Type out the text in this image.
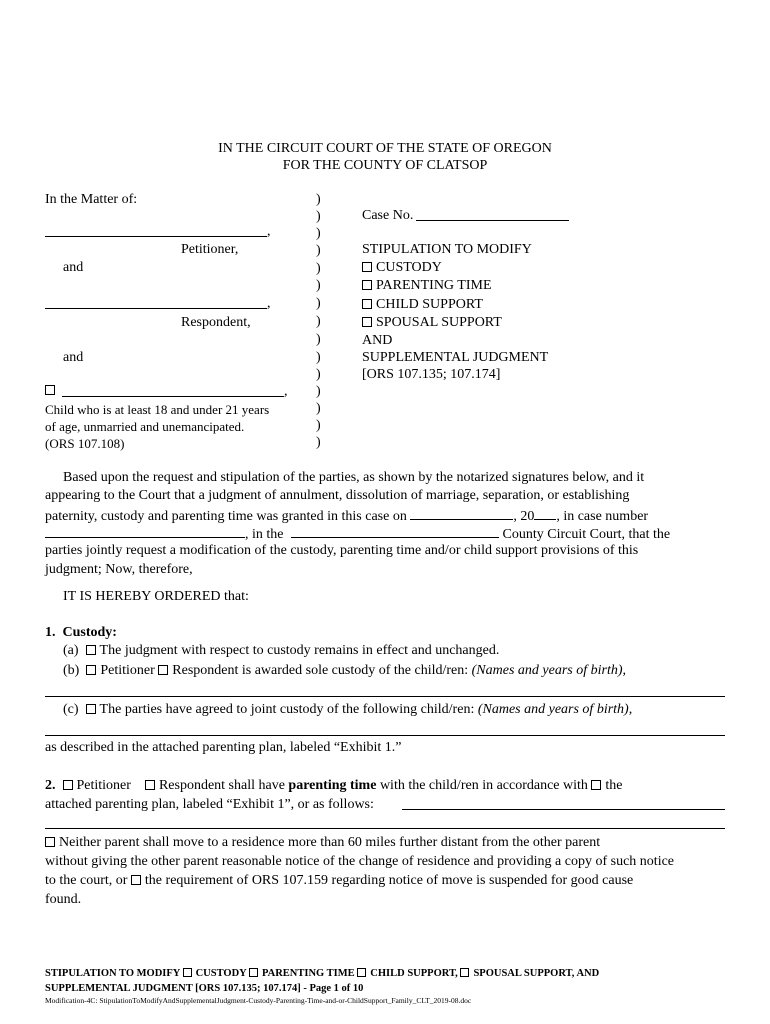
IN THE CIRCUIT COURT OF THE STATE OF OREGON
FOR THE COUNTY OF CLATSOP
In the Matter of:
,
Petitioner,
and
,
Respondent,
and
,
Child who is at least 18 and under 21 years
of age, unmarried and unemancipated.
(ORS 107.108)
)
)
)
)
)
)
)
)
)
)
)
)
)
)
)
Case No.
STIPULATION TO MODIFY
CUSTODY
PARENTING TIME
CHILD SUPPORT
SPOUSAL SUPPORT
AND
SUPPLEMENTAL JUDGMENT
[ORS 107.135; 107.174]
Based upon the request and stipulation of the parties, as shown by the notarized signatures below, and it
appearing to the Court that a judgment of annulment, dissolution of marriage, separation, or establishing
paternity, custody and parenting time was granted in this case on	, 20 , in case number
, in the	County Circuit Court, that the
parties jointly request a modification of the custody, parenting time and/or child support provisions of this
judgment; Now, therefore,
IT IS HEREBY ORDERED that:
1. Custody:
(a) The judgment with respect to custody remains in effect and unchanged.
(b) Petitioner Respondent is awarded sole custody of the child/ren: (Names and years of birth),
(c) The parties have agreed to joint custody of the following child/ren: (Names and years of birth),
as described in the attached parenting plan, labeled “Exhibit 1.”
2. Petitioner Respondent shall have parenting time with the child/ren in accordance with the
attached parenting plan, labeled “Exhibit 1”, or as follows:
Neither parent shall move to a residence more than 60 miles further distant from the other parent
without giving the other parent reasonable notice of the change of residence and providing a copy of such notice
to the court, or the requirement of ORS 107.159 regarding notice of move is suspended for good cause
found.
STIPULATION TO MODIFY CUSTODY PARENTING TIME CHILD SUPPORT, SPOUSAL SUPPORT, AND
SUPPLEMENTAL JUDGMENT [ORS 107.135; 107.174] - Page 1 of 10
Modification-4C: StipulationToModifyAndSupplementalJudgment-Custody-Parenting-Time-and-or-ChildSupport_Family_CLT_2019-08.doc
